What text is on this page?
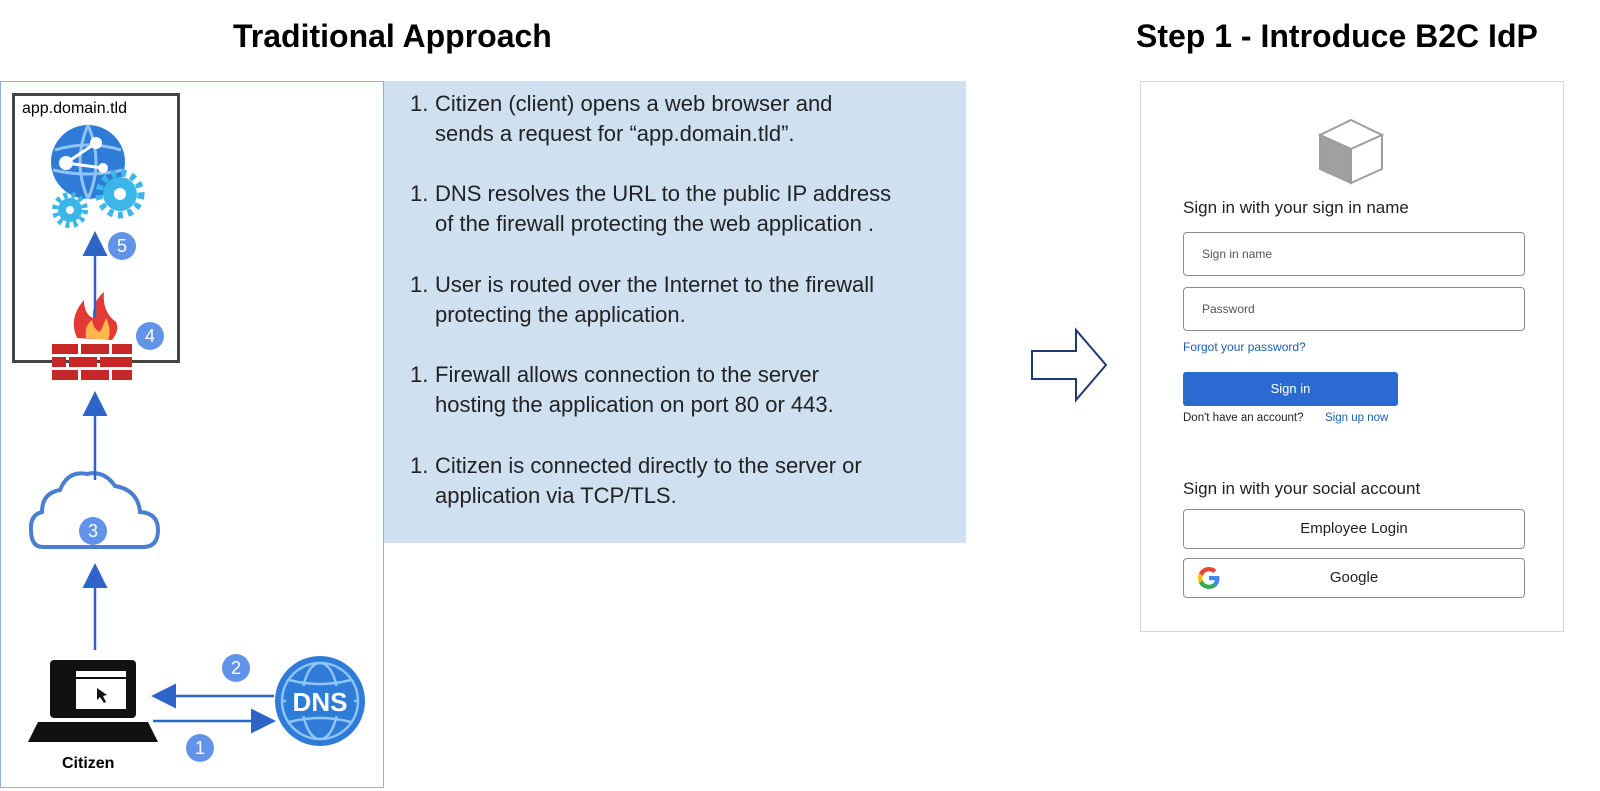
Traditional Approach	Step 1 - Introduce B2C IdP
app.domain.tld
DNS
1
2
3
4
5
Citizen
1. Citizen (client) opens a web browser and
sends a request for “app.domain.tld”.
1. DNS resolves the URL to the public IP address
of the firewall protecting the web application .
1. User is routed over the Internet to the firewall
protecting the application.
1. Firewall allows connection to the server
hosting the application on port 80 or 443.
1. Citizen is connected directly to the server or
application via TCP/TLS.
Sign in with your sign in name
Sign in name
Password
Forgot your password?
Sign in
Don't have an account? Sign up now
Sign in with your social account
Employee Login
Google
